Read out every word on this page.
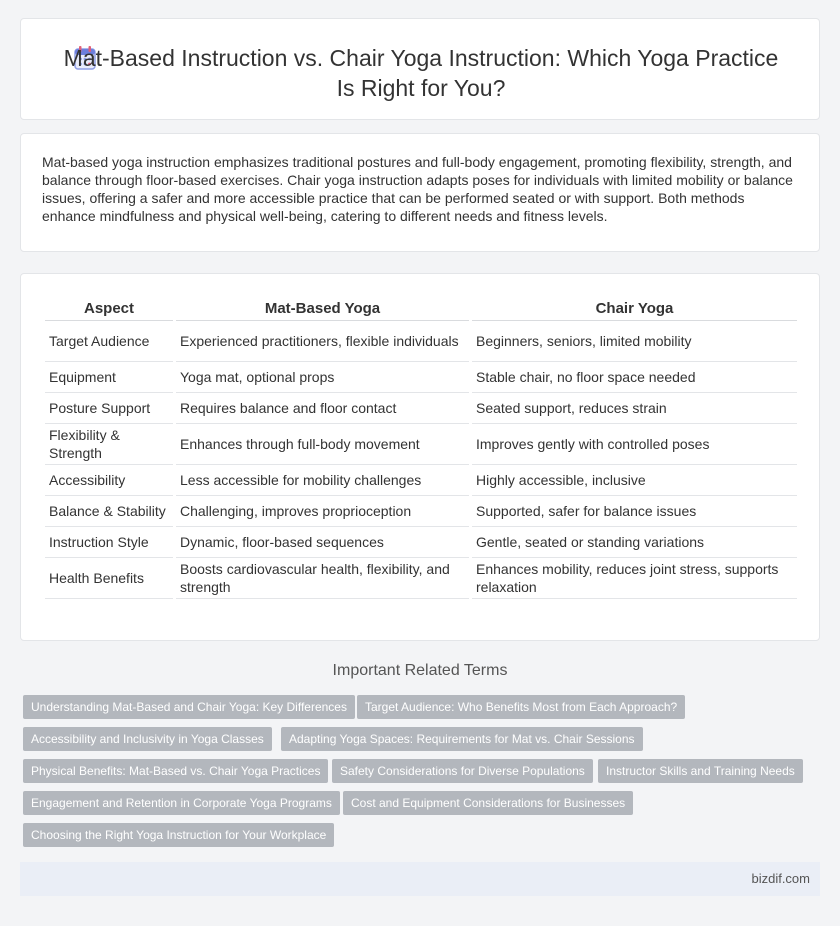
Mat-Based Instruction vs. Chair Yoga Instruction: Which Yoga Practice Is Right for You?

Mat-based yoga instruction emphasizes traditional postures and full-body engagement, promoting flexibility, strength, and balance through floor-based exercises. Chair yoga instruction adapts poses for individuals with limited mobility or balance issues, offering a safer and more accessible practice that can be performed seated or with support. Both methods enhance mindfulness and physical well-being, catering to different needs and fitness levels.

Aspect	Mat-Based Yoga	Chair Yoga
Target Audience	Experienced practitioners, flexible individuals	Beginners, seniors, limited mobility
Equipment	Yoga mat, optional props	Stable chair, no floor space needed
Posture Support	Requires balance and floor contact	Seated support, reduces strain
Flexibility & Strength	Enhances through full-body movement	Improves gently with controlled poses
Accessibility	Less accessible for mobility challenges	Highly accessible, inclusive
Balance & Stability	Challenging, improves proprioception	Supported, safer for balance issues
Instruction Style	Dynamic, floor-based sequences	Gentle, seated or standing variations
Health Benefits	Boosts cardiovascular health, flexibility, and strength	Enhances mobility, reduces joint stress, supports relaxation
Important Related Terms
Understanding Mat-Based and Chair Yoga: Key Differences	Target Audience: Who Benefits Most from Each Approach?
Accessibility and Inclusivity in Yoga Classes	Adapting Yoga Spaces: Requirements for Mat vs. Chair Sessions
Physical Benefits: Mat-Based vs. Chair Yoga Practices	Safety Considerations for Diverse Populations	Instructor Skills and Training Needs
Engagement and Retention in Corporate Yoga Programs	Cost and Equipment Considerations for Businesses
Choosing the Right Yoga Instruction for Your Workplace
bizdif.com
